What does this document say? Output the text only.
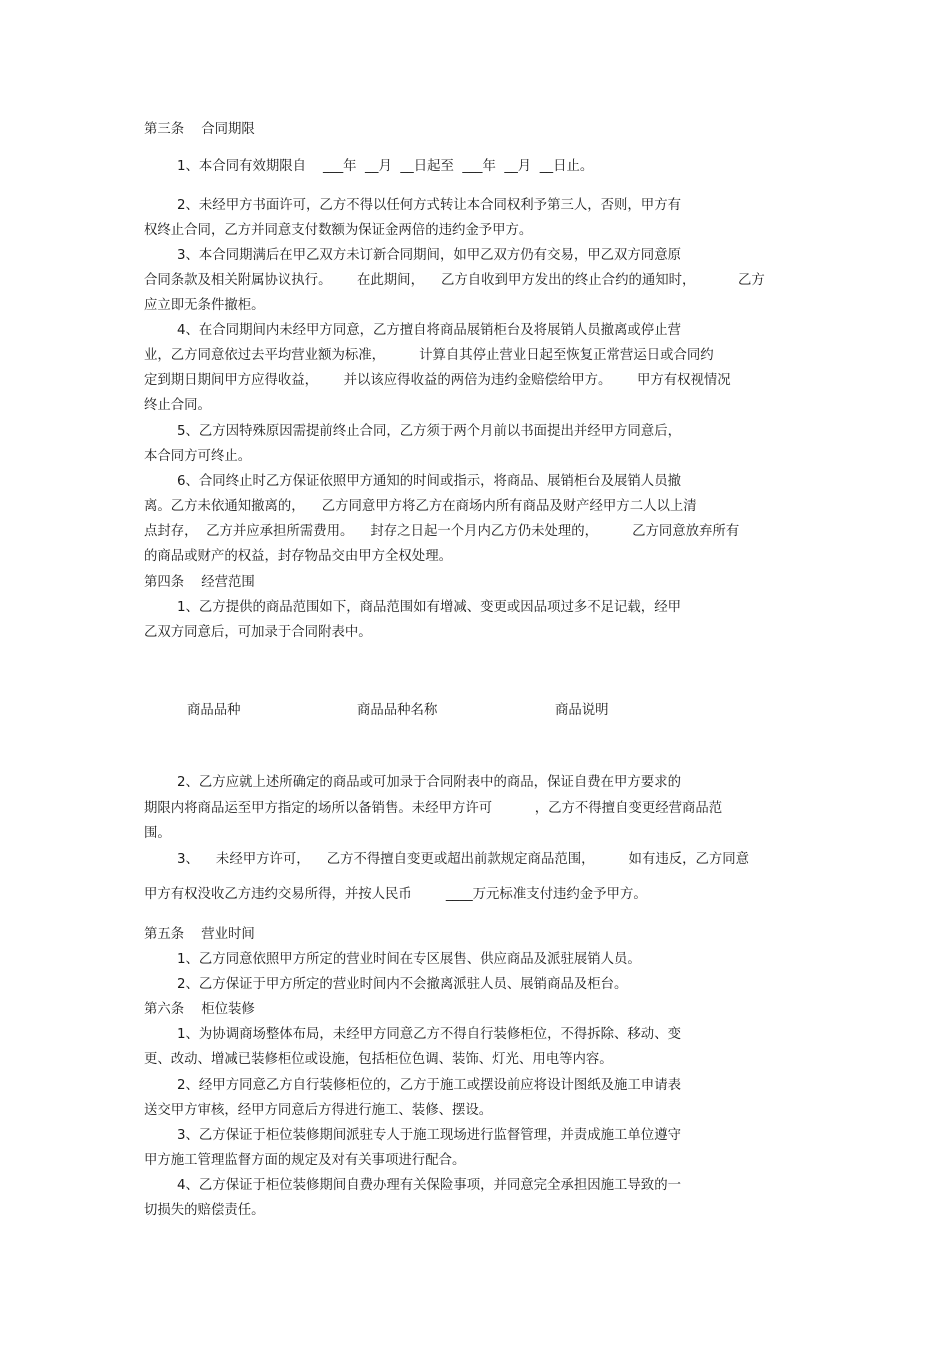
第三条    合同期限

1、本合同有效期限自    ___年  __月  __日起至  ___年  __月  __日止。

2、未经甲方书面许可，乙方不得以任何方式转让本合同权利予第三人，否则，甲方有

权终止合同，乙方并同意支付数额为保证金两倍的违约金予甲方。

3、本合同期满后在甲乙双方未订新合同期间，如甲乙双方仍有交易，甲乙双方同意原

合同条款及相关附属协议执行。      在此期间，    乙方自收到甲方发出的终止合约的通知时，          乙方

应立即无条件撤柜。

4、在合同期间内未经甲方同意，乙方擅自将商品展销柜台及将展销人员撤离或停止营

业，乙方同意依过去平均营业额为标准，        计算自其停止营业日起至恢复正常营运日或合同约

定到期日期间甲方应得收益，      并以该应得收益的两倍为违约金赔偿给甲方。      甲方有权视情况

终止合同。

5、乙方因特殊原因需提前终止合同，乙方须于两个月前以书面提出并经甲方同意后，

本合同方可终止。

6、合同终止时乙方保证依照甲方通知的时间或指示，将商品、展销柜台及展销人员撤

离。乙方未依通知撤离的，    乙方同意甲方将乙方在商场内所有商品及财产经甲方二人以上清

点封存，  乙方并应承担所需费用。    封存之日起一个月内乙方仍未处理的，        乙方同意放弃所有

的商品或财产的权益，封存物品交由甲方全权处理。

第四条    经营范围

1、乙方提供的商品范围如下，商品范围如有增减、变更或因品项过多不足记载，经甲

乙双方同意后，可加录于合同附表中。

商品品种	商品品种名称	商品说明

2、乙方应就上述所确定的商品或可加录于合同附表中的商品，保证自费在甲方要求的

期限内将商品运至甲方指定的场所以备销售。未经甲方许可          ，乙方不得擅自变更经营商品范

围。

3、    未经甲方许可，    乙方不得擅自变更或超出前款规定商品范围，        如有违反，乙方同意

甲方有权没收乙方违约交易所得，并按人民币        ____万元标准支付违约金予甲方。

第五条    营业时间

1、乙方同意依照甲方所定的营业时间在专区展售、供应商品及派驻展销人员。

2、乙方保证于甲方所定的营业时间内不会撤离派驻人员、展销商品及柜台。

第六条    柜位装修

1、为协调商场整体布局，未经甲方同意乙方不得自行装修柜位，不得拆除、移动、变

更、改动、增减已装修柜位或设施，包括柜位色调、装饰、灯光、用电等内容。

2、经甲方同意乙方自行装修柜位的，乙方于施工或摆设前应将设计图纸及施工申请表

送交甲方审核，经甲方同意后方得进行施工、装修、摆设。

3、乙方保证于柜位装修期间派驻专人于施工现场进行监督管理，并责成施工单位遵守

甲方施工管理监督方面的规定及对有关事项进行配合。

4、乙方保证于柜位装修期间自费办理有关保险事项，并同意完全承担因施工导致的一

切损失的赔偿责任。
